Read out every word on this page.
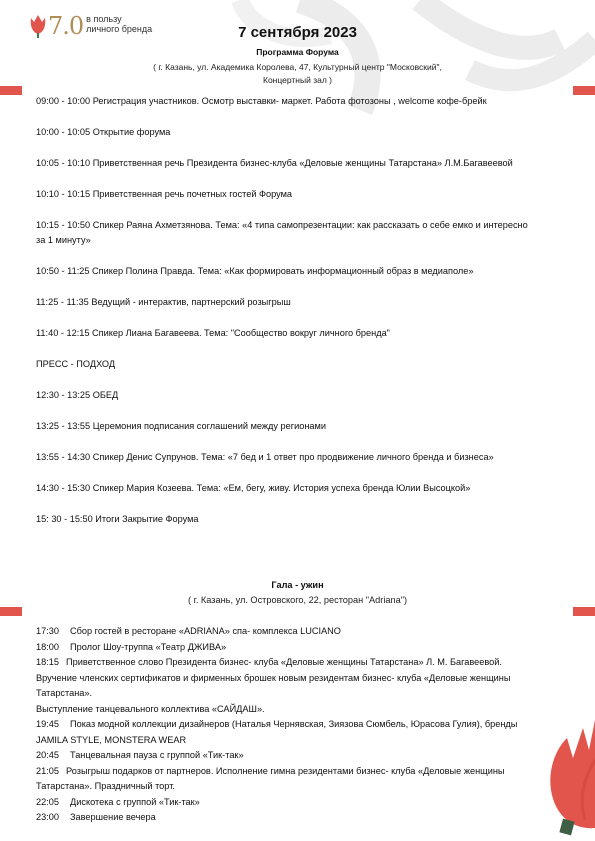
7.0 в пользу
личного бренда	7 сентября 2023
Программа Форума
( г. Казань, ул. Академика Королева, 47, Культурный центр "Московский",
Концертный зал )

09:00 - 10:00 Регистрация участников. Осмотр выставки- маркет. Работа фотозоны , welcome кофе-брейк

10:00 - 10:05 Открытие форума

10:05 - 10:10 Приветственная речь Президента бизнес-клуба «Деловые женщины Татарстана» Л.М.Багавеевой

10:10 - 10:15 Приветственная речь почетных гостей Форума

10:15 - 10:50 Спикер Раяна Ахметзянова. Тема: «4 типа самопрезентации: как рассказать о себе емко и интересно за 1 минуту»

10:50 - 11:25 Спикер Полина Правда. Тема: «Как формировать информационный образ в медиаполе»

11:25 - 11:35 Ведущий - интерактив, партнерский розыгрыш

11:40 - 12:15 Спикер Лиана Багавеева. Тема: "Сообщество вокруг личного бренда"

ПРЕСС - ПОДХОД

12:30 - 13:25 ОБЕД

13:25 - 13:55 Церемония подписания соглашений между регионами

13:55 - 14:30 Спикер Денис Супрунов. Тема: «7 бед и 1 ответ про продвижение личного бренда и бизнеса»

14:30 - 15:30 Спикер Мария Козеева. Тема: «Ем, бегу, живу. История успеха бренда Юлии Высоцкой»

15: 30 - 15:50 Итоги Закрытие Форума

Гала - ужин
( г. Казань, ул. Островского, 22, ресторан "Adriana")

17:30 Сбор гостей в ресторане «ADRIANA» спа- комплекса LUCIANO

18:00 Пролог Шоу-труппа «Театр ДЖИВА»

18:15 Приветственное слово Президента бизнес- клуба «Деловые женщины Татарстана» Л. М. Багавеевой.

Вручение членских сертификатов и фирменных брошек новым резидентам бизнес- клуба «Деловые женщины Татарстана».

Выступление танцевального коллектива «САЙДАШ».

19:45 Показ модной коллекции дизайнеров (Наталья Чернявская, Зиязова Сюмбель, Юрасова Гулия), бренды JAMILA STYLE, MONSTERA WEAR

20:45 Танцевальная пауза с группой «Тик-так»

21:05 Розыгрыш подарков от партнеров. Исполнение гимна резидентами бизнес- клуба «Деловые женщины Татарстана». Праздничный торт.

22:05 Дискотека с группой «Тик-так»

23:00 Завершение вечера
